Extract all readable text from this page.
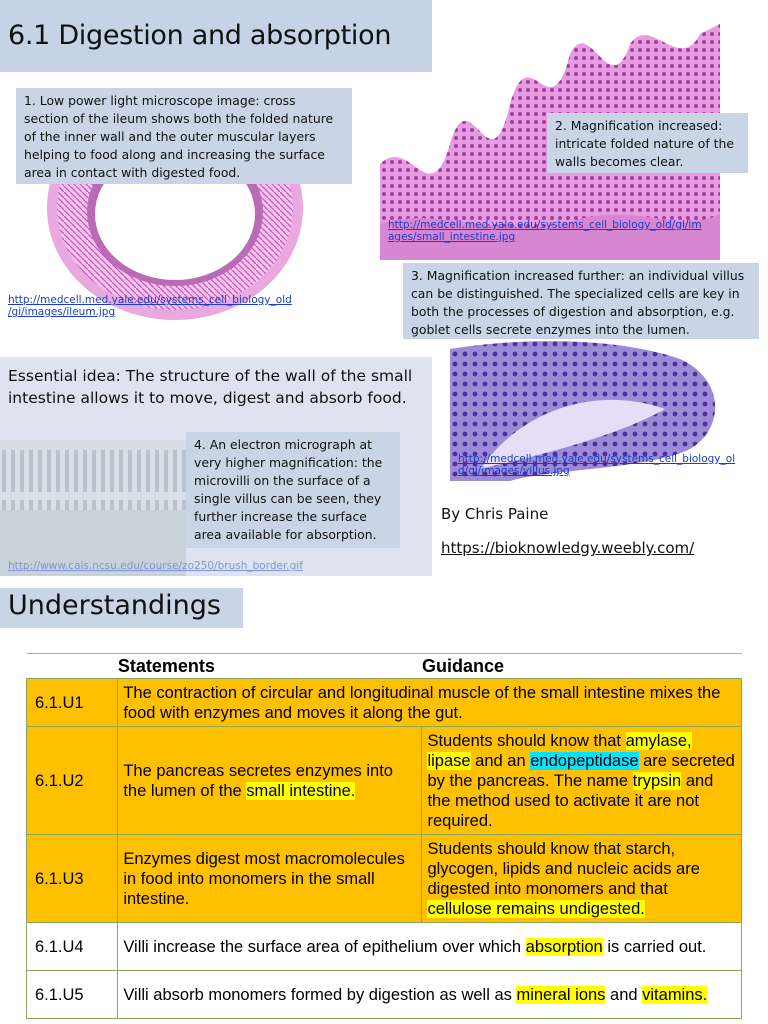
6.1 Digestion and absorption
1. Low power light microscope image: cross section of the ileum shows both the folded nature of the inner wall and the outer muscular layers helping to food along and increasing the surface area in contact with digested food.
http://medcell.med.yale.edu/systems_cell_biology_old
/gi/images/ileum.jpg
2. Magnification increased: intricate folded nature of the walls becomes clear.
http://medcell.med.yale.edu/systems_cell_biology_old/gi/im
ages/small_intestine.jpg
3. Magnification increased further: an individual villus can be distinguished. The specialized cells are key in both the processes of digestion and absorption, e.g. goblet cells secrete enzymes into the lumen.
http://medcell.med.yale.edu/systems_cell_biology_ol
d/gi/images/villus.jpg
Essential idea: The structure of the wall of the small intestine allows it to move, digest and absorb food.
4. An electron micrograph at very higher magnification: the microvilli on the surface of a single villus can be seen, they further increase the surface area available for absorption.
http://www.cals.ncsu.edu/course/zo250/brush_border.gif
By Chris Paine
https://bioknowledgy.weebly.com/
Understandings
	Statements	Guidance
6.1.U1	The contraction of circular and longitudinal muscle of the small intestine mixes the food with enzymes and moves it along the gut.	
6.1.U2	The pancreas secretes enzymes into the lumen of the small intestine.	Students should know that amylase, lipase and an endopeptidase are secreted by the pancreas. The name trypsin and the method used to activate it are not required.
6.1.U3	Enzymes digest most macromolecules in food into monomers in the small intestine.	Students should know that starch, glycogen, lipids and nucleic acids are digested into monomers and that cellulose remains undigested.
6.1.U4	Villi increase the surface area of epithelium over which absorption is carried out.	
6.1.U5	Villi absorb monomers formed by digestion as well as mineral ions and vitamins.	
